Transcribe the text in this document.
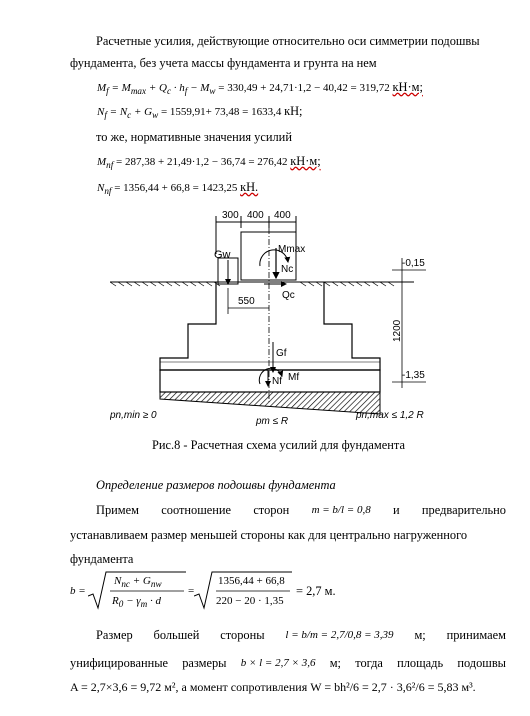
Расчетные усилия, действующие относительно оси симметрии подошвы
фундамента, без учета массы фундамента и грунта на нем
$M_f = M_{max} + Q_c \cdot h_f - M_w = 330,49 + 24,71\cdot 1,2 - 40,42 = 319,72$ кН·м;
$N_f = N_c + G_w = 1559,91+ 73,48 = 1633,4$ кН;
то же, нормативные значения усилий
$M_{nf} = 287,38 + 21,49\cdot 1,2 - 36,74 = 276,42$ кН·м;
$N_{nf} = 1356,44 + 66,8 = 1423,25$ кН.
300 400 400
550
Gw	Mmax
Nc
Qc
Gf
Nf Mf
-0,15
-1,35
1200
pn,min ≥ 0	pn,max ≤ 1,2 R
pm ≤ R
Рис.8 - Расчетная схема усилий для фундамента
Определение размеров подошвы фундамента
Примем соотношение сторон m = b/l = 0,8 и предварительно
устанавливаем размер меньшей стороны как для центрально нагруженного
фундамента
b =
$N_{nc} + G_{nw}$
$R_0 - \gamma_m \cdot d$
=
1356,44 + 66,8
220 − 20 · 1,35
= 2,7 м.
Размер большей стороны l = b/m = 2,7/0,8 = 3,39 м; принимаем
унифицированные размеры b × l = 2,7 × 3,6 м; тогда площадь подошвы
A = 2,7×3,6 = 9,72 м², а момент сопротивления W = bh²/6 = 2,7 · 3,6²/6 = 5,83 м³.
